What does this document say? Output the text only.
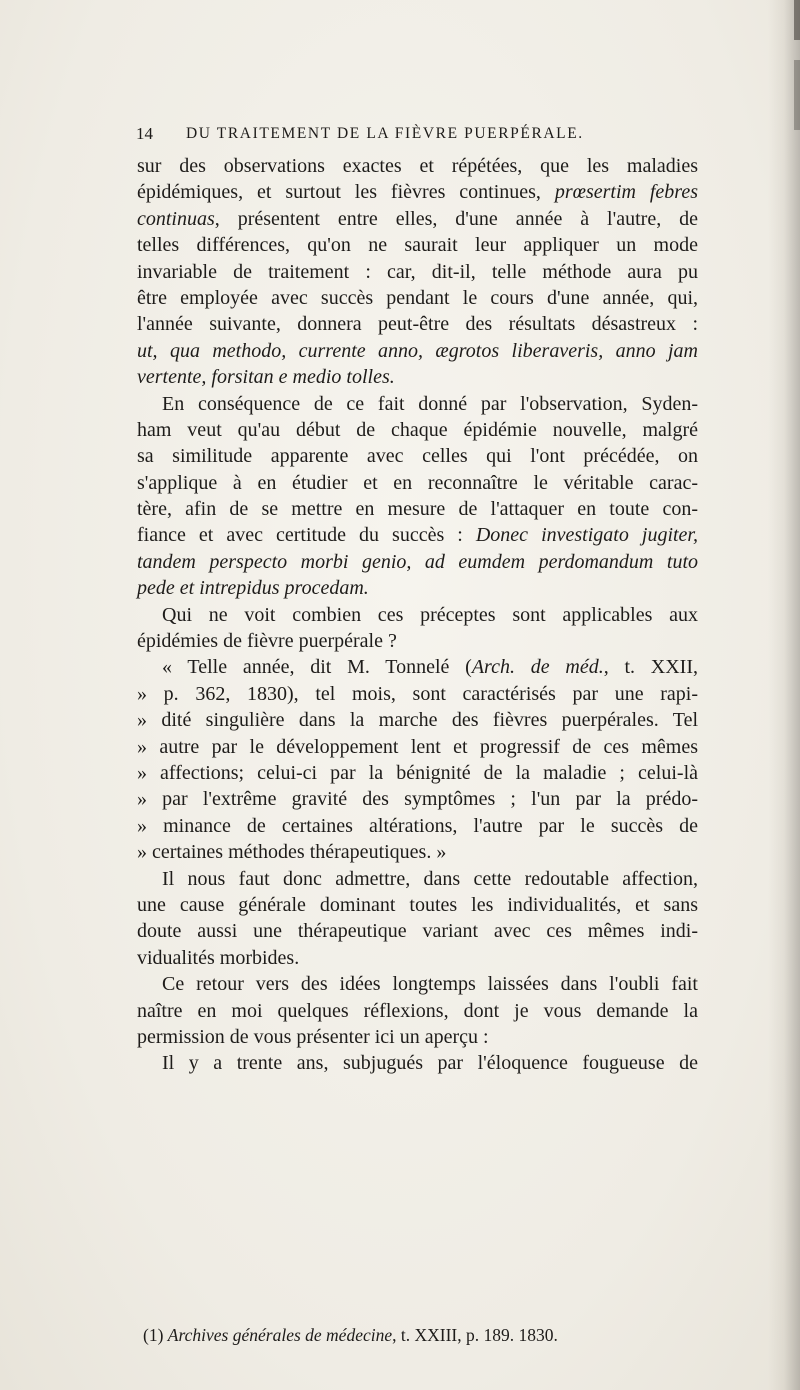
14 DU TRAITEMENT DE LA FIÈVRE PUERPÉRALE.
sur des observations exactes et répétées, que les maladies
épidémiques, et surtout les fièvres continues, prœsertim febres
continuas, présentent entre elles, d'une année à l'autre, de
telles différences, qu'on ne saurait leur appliquer un mode
invariable de traitement : car, dit-il, telle méthode aura pu
être employée avec succès pendant le cours d'une année, qui,
l'année suivante, donnera peut-être des résultats désastreux :
ut, qua methodo, currente anno, ægrotos liberaveris, anno jam
vertente, forsitan e medio tolles.
En conséquence de ce fait donné par l'observation, Syden-
ham veut qu'au début de chaque épidémie nouvelle, malgré
sa similitude apparente avec celles qui l'ont précédée, on
s'applique à en étudier et en reconnaître le véritable carac-
tère, afin de se mettre en mesure de l'attaquer en toute con-
fiance et avec certitude du succès : Donec investigato jugiter,
tandem perspecto morbi genio, ad eumdem perdomandum tuto
pede et intrepidus procedam.
Qui ne voit combien ces préceptes sont applicables aux
épidémies de fièvre puerpérale ?
« Telle année, dit M. Tonnelé (Arch. de méd., t. XXII,
» p. 362, 1830), tel mois, sont caractérisés par une rapi-
» dité singulière dans la marche des fièvres puerpérales. Tel
» autre par le développement lent et progressif de ces mêmes
» affections; celui-ci par la bénignité de la maladie ; celui-là
» par l'extrême gravité des symptômes ; l'un par la prédo-
» minance de certaines altérations, l'autre par le succès de
» certaines méthodes thérapeutiques. »
Il nous faut donc admettre, dans cette redoutable affection,
une cause générale dominant toutes les individualités, et sans
doute aussi une thérapeutique variant avec ces mêmes indi-
vidualités morbides.
Ce retour vers des idées longtemps laissées dans l'oubli fait
naître en moi quelques réflexions, dont je vous demande la
permission de vous présenter ici un aperçu :
Il y a trente ans, subjugués par l'éloquence fougueuse de
(1) Archives générales de médecine, t. XXIII, p. 189. 1830.
